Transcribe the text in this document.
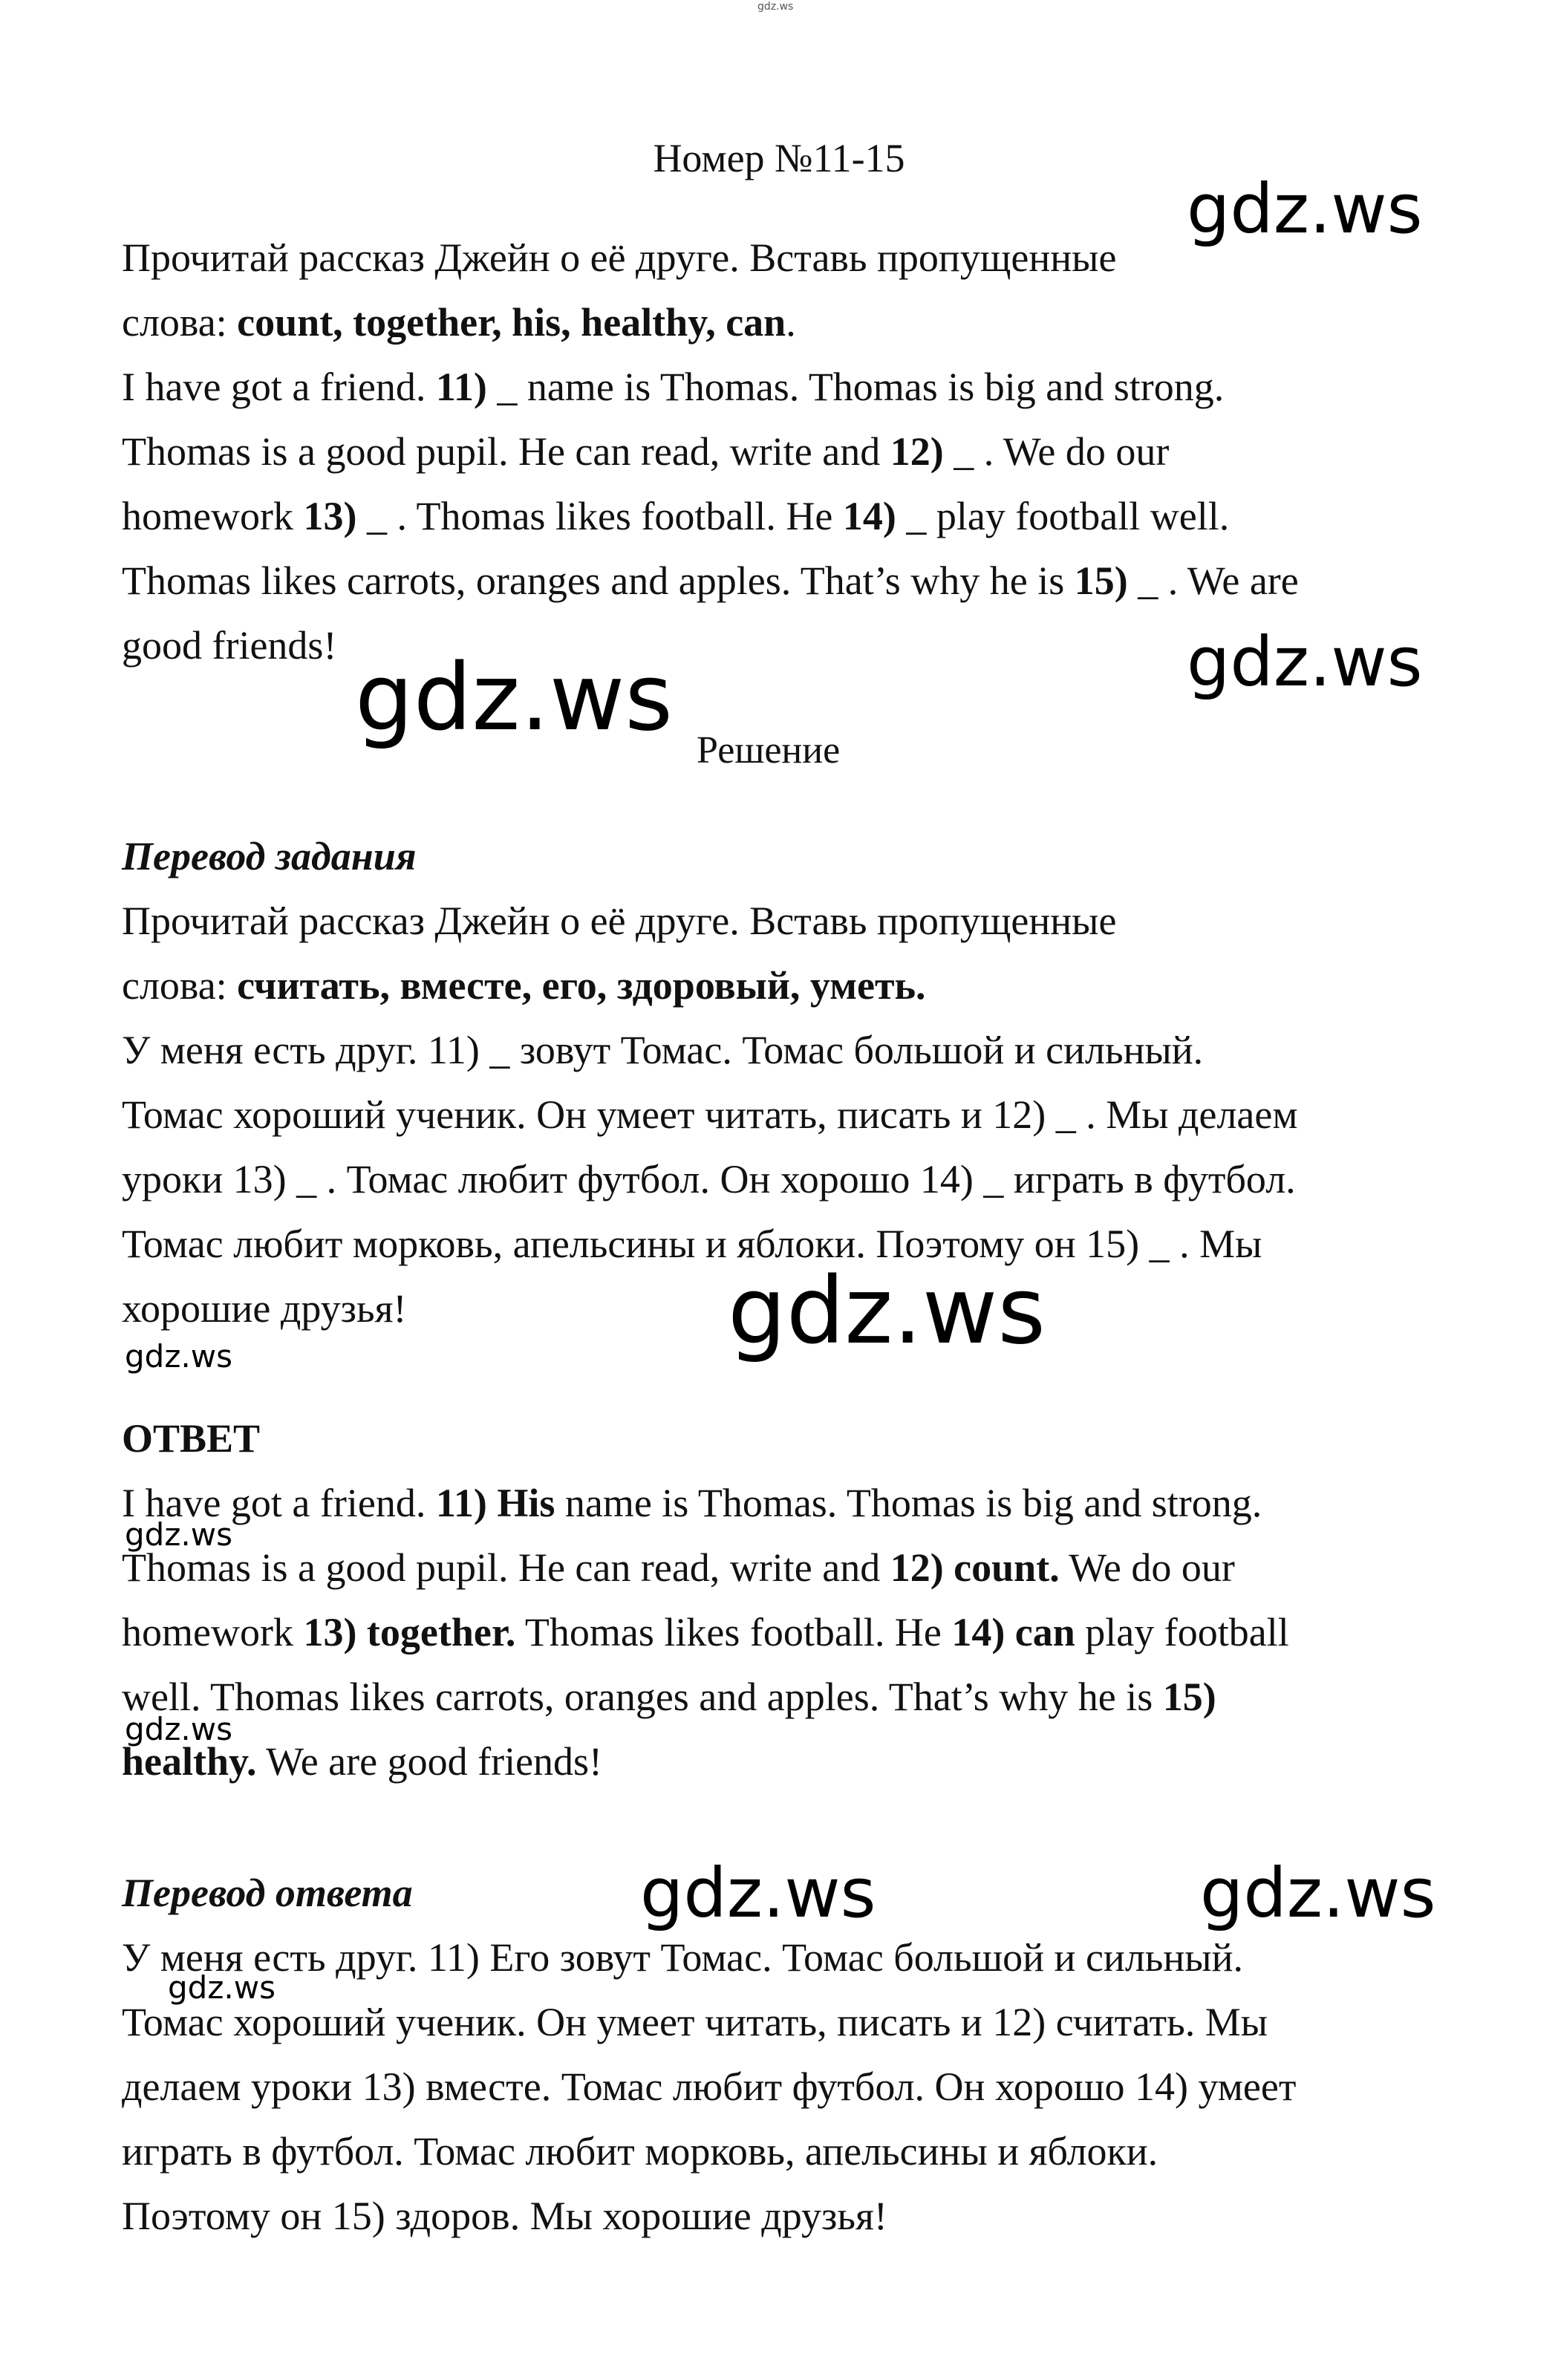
gdz.ws

Номер №11-15

Прочитай рассказ Джейн о её друге. Вставь пропущенные

слова: count, together, his, healthy, can.

I have got a friend. 11) _ name is Thomas. Thomas is big and strong.

Thomas is a good pupil. He can read, write and 12) _ . We do our

homework 13) _ . Thomas likes football. He 14) _ play football well.

Thomas likes carrots, oranges and apples. That’s why he is 15) _ . We are

good friends!

Решение

Перевод задания

Прочитай рассказ Джейн о её друге. Вставь пропущенные

слова: считать, вместе, его, здоровый, уметь.

У меня есть друг. 11) _ зовут Томас. Томас большой и сильный.

Томас хороший ученик. Он умеет читать, писать и 12) _ . Мы делаем

уроки 13) _ . Томас любит футбол. Он хорошо 14) _ играть в футбол.

Томас любит морковь, апельсины и яблоки. Поэтому он 15) _ . Мы

хорошие друзья!

ОТВЕТ

I have got a friend. 11) His name is Thomas. Thomas is big and strong.

Thomas is a good pupil. He can read, write and 12) count. We do our

homework 13) together. Thomas likes football. He 14) can play football

well. Thomas likes carrots, oranges and apples. That’s why he is 15)

healthy. We are good friends!

Перевод ответа

У меня есть друг. 11) Его зовут Томас. Томас большой и сильный.

Томас хороший ученик. Он умеет читать, писать и 12) считать. Мы

делаем уроки 13) вместе. Томас любит футбол. Он хорошо 14) умеет

играть в футбол. Томас любит морковь, апельсины и яблоки.

Поэтому он 15) здоров. Мы хорошие друзья!

gdz.ws
gdz.ws
gdz.ws
gdz.ws
gdz.ws
gdz.ws
gdz.ws
gdz.ws	gdz.ws
gdz.ws
